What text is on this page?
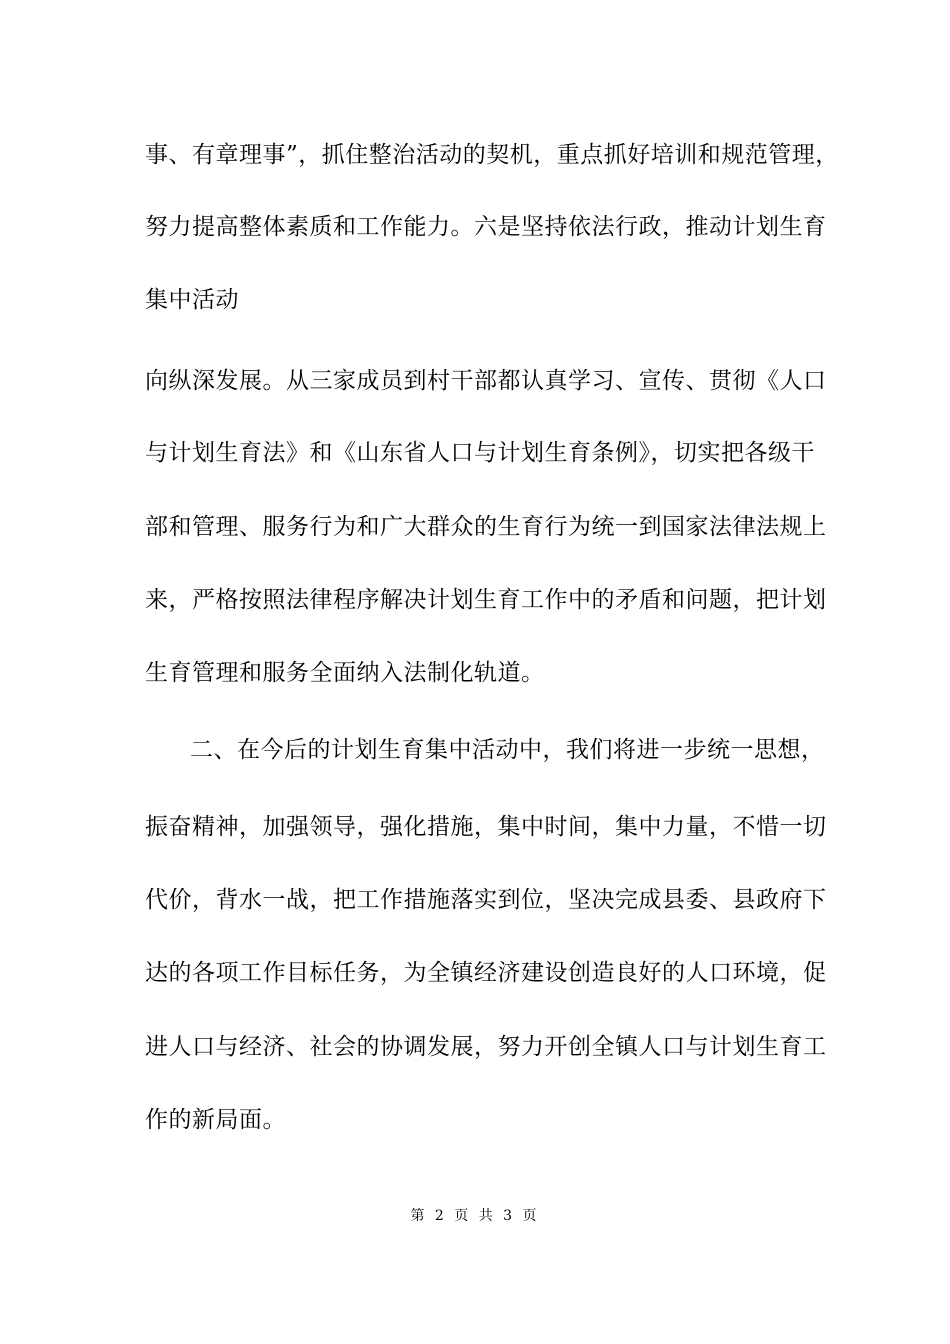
事、有章理事”，抓住整治活动的契机，重点抓好培训和规范管理，
努力提高整体素质和工作能力。六是坚持依法行政，推动计划生育
集中活动
向纵深发展。从三家成员到村干部都认真学习、宣传、贯彻《人口
与计划生育法》和《山东省人口与计划生育条例》，切实把各级干
部和管理、服务行为和广大群众的生育行为统一到国家法律法规上
来，严格按照法律程序解决计划生育工作中的矛盾和问题，把计划
生育管理和服务全面纳入法制化轨道。
二、在今后的计划生育集中活动中，我们将进一步统一思想，
振奋精神，加强领导，强化措施，集中时间，集中力量，不惜一切
代价，背水一战，把工作措施落实到位，坚决完成县委、县政府下
达的各项工作目标任务，为全镇经济建设创造良好的人口环境，促
进人口与经济、社会的协调发展，努力开创全镇人口与计划生育工
作的新局面。
第 2 页 共 3 页
